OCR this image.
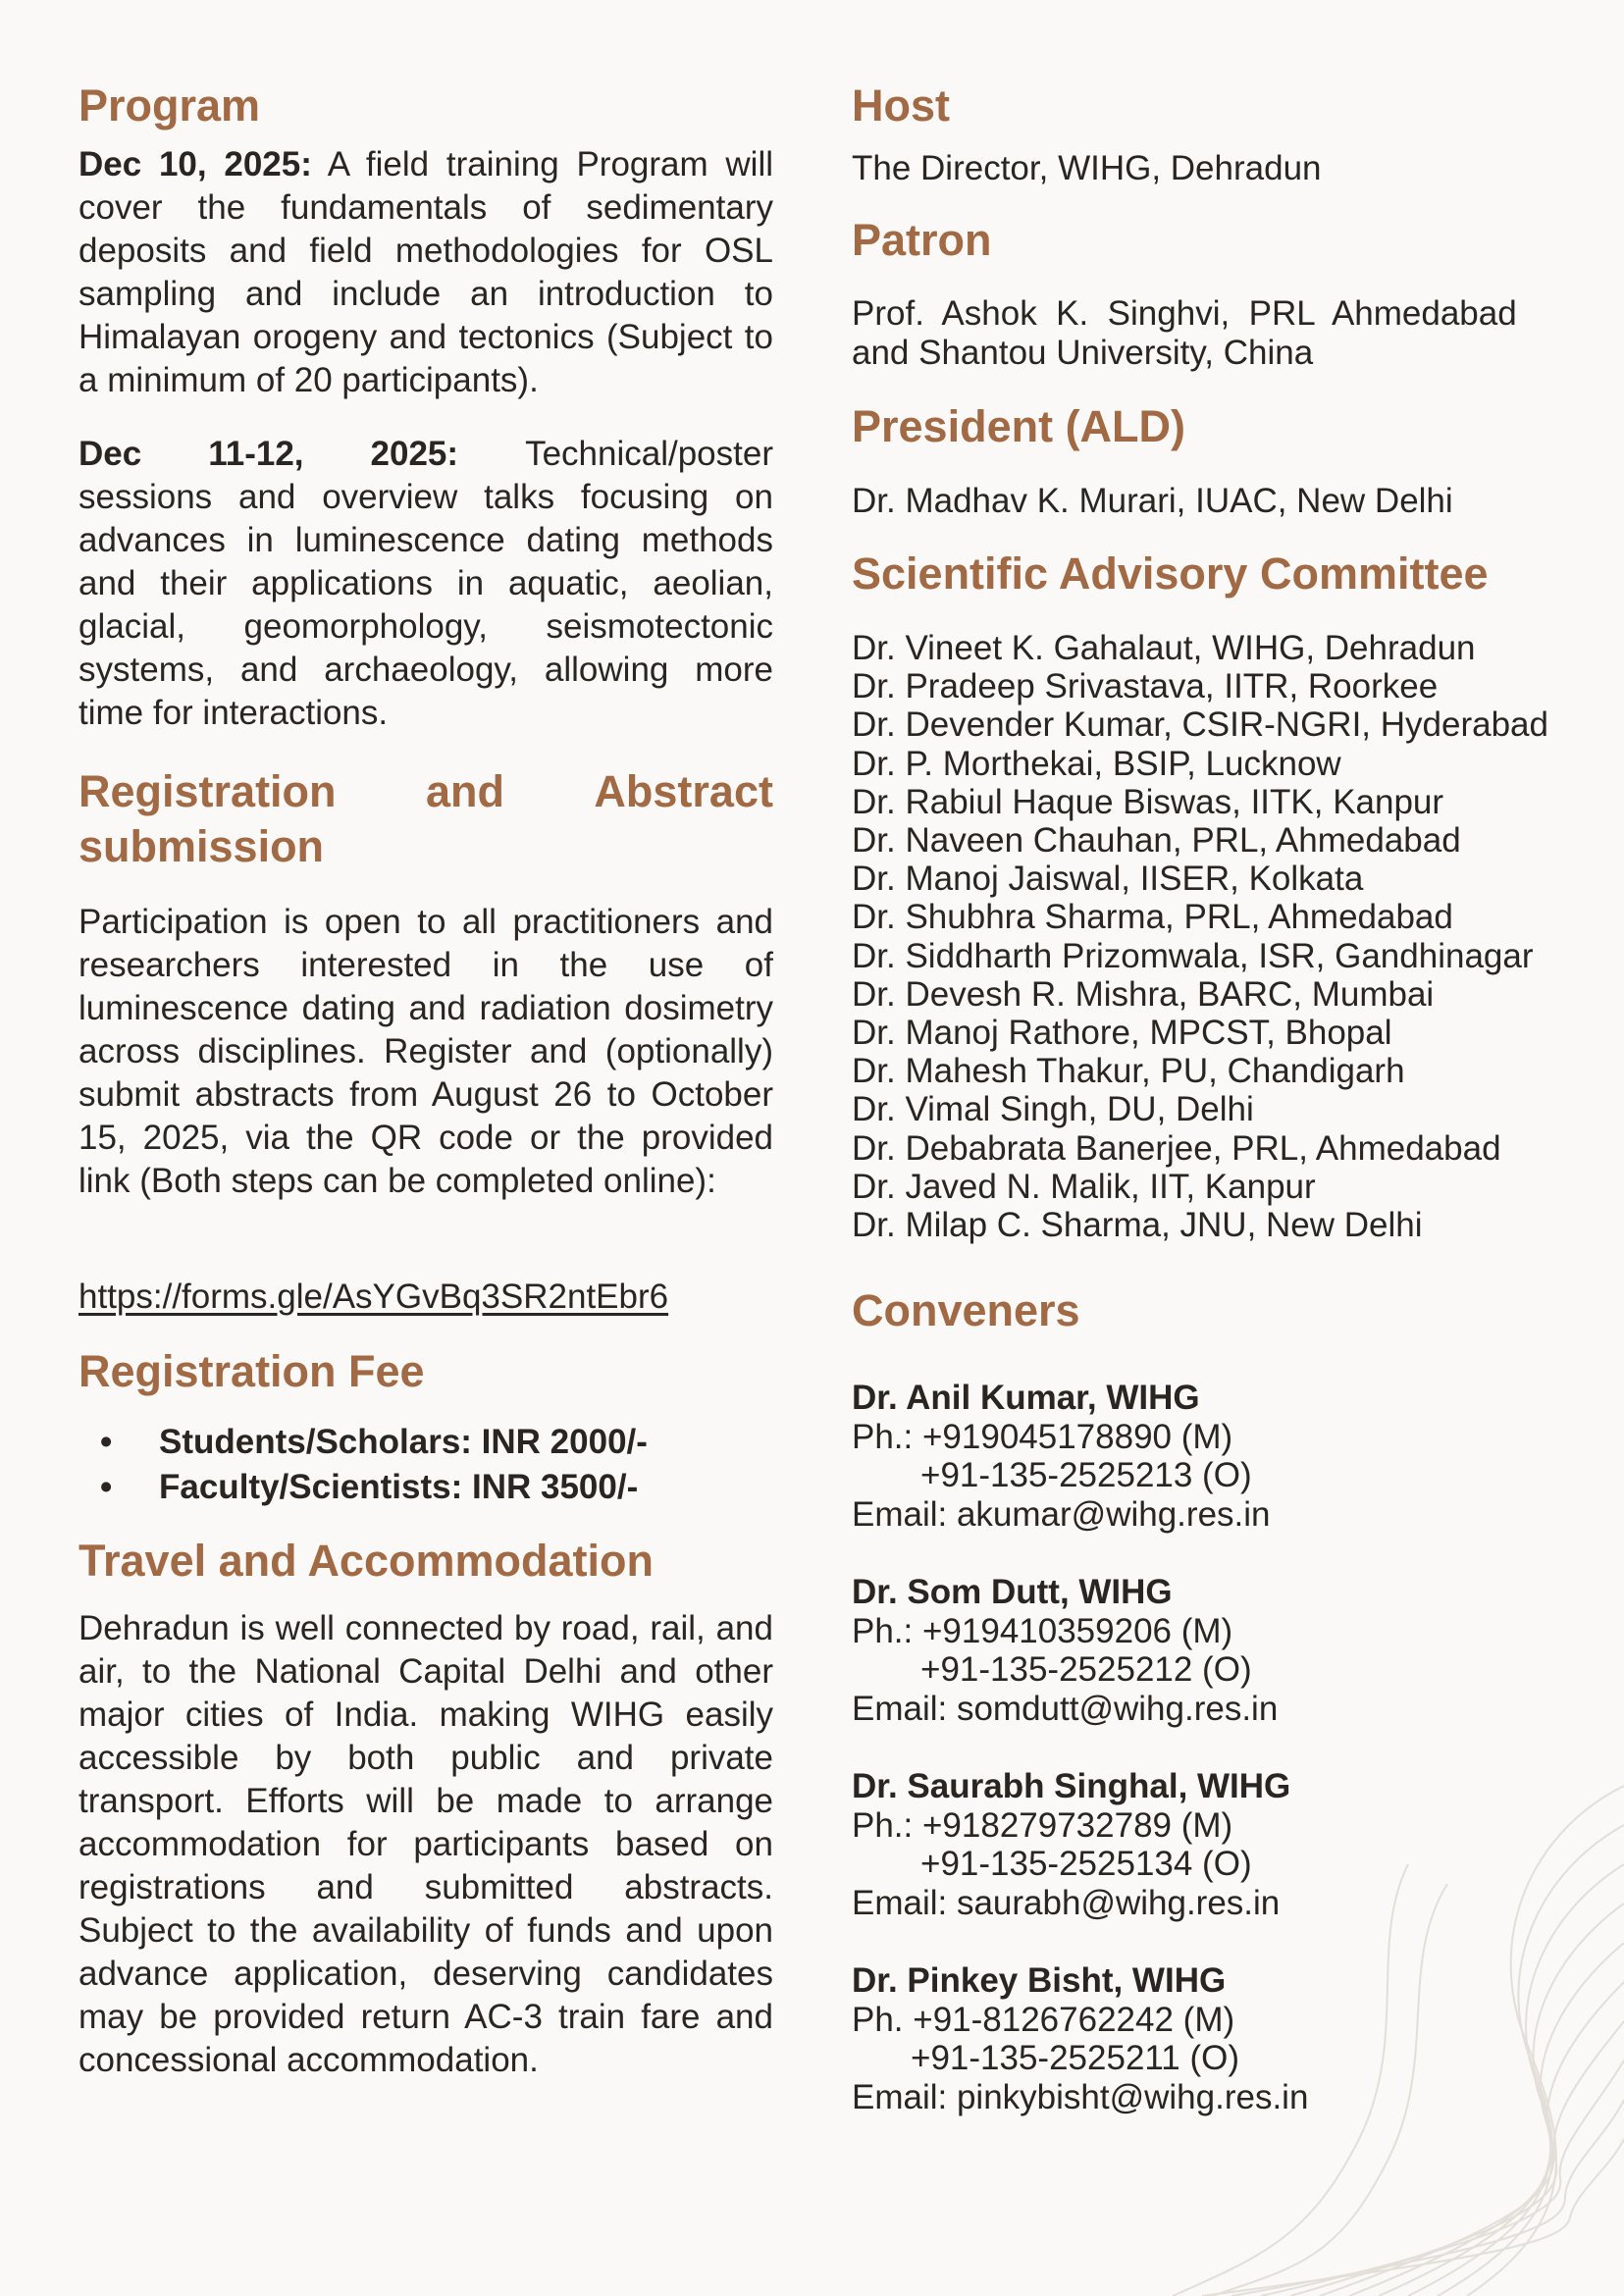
Program

Dec 10, 2025: A field training Program will cover the fundamentals of sedimentary deposits and field methodologies for OSL sampling and include an introduction to Himalayan orogeny and tectonics (Subject to a minimum of 20 participants).

Dec 11-12, 2025: Technical/poster

sessions and overview talks focusing on advances in luminescence dating methods and their applications in aquatic, aeolian, glacial, geomorphology, seismotectonic systems, and archaeology, allowing more time for interactions.

Registration and Abstract
submission

Participation is open to all practitioners and researchers interested in the use of luminescence dating and radiation dosimetry across disciplines. Register and (optionally) submit abstracts from August 26 to October 15, 2025, via the QR code or the provided link (Both steps can be completed online):

https://forms.gle/AsYGvBq3SR2ntEbr6
Registration Fee
• Students/Scholars: INR 2000/-
• Faculty/Scientists: INR 3500/-
Travel and Accommodation

Dehradun is well connected by road, rail, and air, to the National Capital Delhi and other major cities of India. making WIHG easily accessible by both public and private transport. Efforts will be made to arrange accommodation for participants based on registrations and submitted abstracts. Subject to the availability of funds and upon advance application, deserving candidates may be provided return AC-3 train fare and concessional accommodation.

Host

The Director, WIHG, Dehradun

Patron

Prof.  Ashok  K.  Singhvi,  PRL  Ahmedabad
and Shantou University, China

President (ALD)

Dr. Madhav K. Murari, IUAC, New Delhi

Scientific Advisory Committee
Dr. Vineet K. Gahalaut, WIHG, Dehradun
Dr. Pradeep Srivastava, IITR, Roorkee
Dr. Devender Kumar, CSIR-NGRI, Hyderabad
Dr. P. Morthekai, BSIP, Lucknow
Dr. Rabiul Haque Biswas, IITK, Kanpur
Dr. Naveen Chauhan, PRL, Ahmedabad
Dr. Manoj Jaiswal, IISER, Kolkata
Dr. Shubhra Sharma, PRL, Ahmedabad
Dr. Siddharth Prizomwala, ISR, Gandhinagar
Dr. Devesh R. Mishra, BARC, Mumbai
Dr. Manoj Rathore, MPCST, Bhopal
Dr. Mahesh Thakur, PU, Chandigarh
Dr. Vimal Singh, DU, Delhi
Dr. Debabrata Banerjee, PRL, Ahmedabad
Dr. Javed N. Malik, IIT, Kanpur
Dr. Milap C. Sharma, JNU, New Delhi
Conveners
Dr. Anil Kumar, WIHG
Ph.: +919045178890 (M)
+91-135-2525213 (O)
Email: akumar@wihg.res.in
Dr. Som Dutt, WIHG
Ph.: +919410359206 (M)
+91-135-2525212 (O)
Email: somdutt@wihg.res.in
Dr. Saurabh Singhal, WIHG
Ph.: +918279732789 (M)
+91-135-2525134 (O)
Email: saurabh@wihg.res.in
Dr. Pinkey Bisht, WIHG
Ph. +91-8126762242 (M)
+91-135-2525211 (O)
Email: pinkybisht@wihg.res.in
